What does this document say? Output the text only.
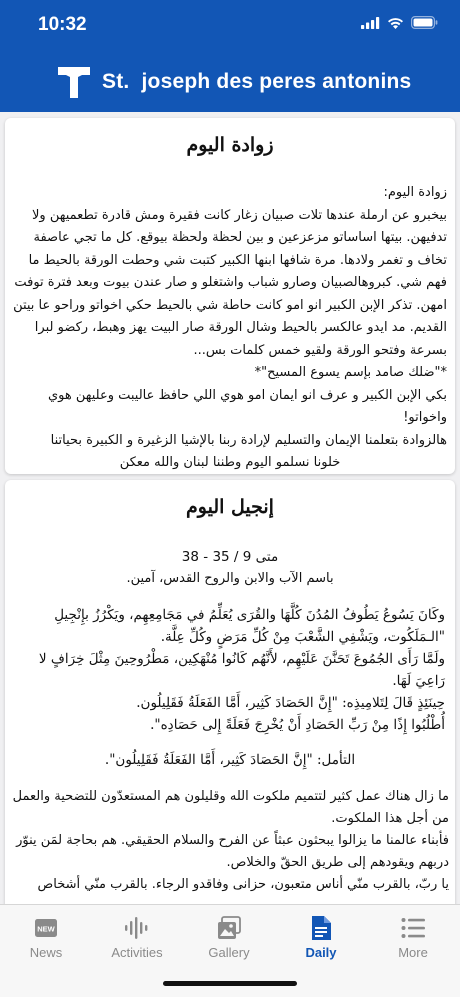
10:32
St.  joseph des peres antonins
زوادة اليوم
زوادة اليوم:
بيخبرو عن ارملة عندها تلات صبيان زغار كانت فقيرة ومش قادرة تطعميهن ولا تدفيهن. بيتها اساساتو مزعزعين و بين لحظة ولحظة بيوقع. كل ما تجي عاصفة تخاف و تغمر ولادها. مرة شافها ابنها الكبير كتبت شي وحطت الورقة بالحيط ما فهم شي. كبروهالصبيان وصارو شباب واشتغلو و صار عندن بيوت وبعد فترة توفت امهن. تذكر الإبن الكبير انو امو كانت حاطة شي بالحيط حكي اخواتو وراحو عا بيتن القديم. مد ايدو عالكسر بالحيط وشال الورقة صار البيت يهز وهبط، ركضو لبرا بسرعة وفتحو الورقة ولقيو خمس كلمات بس...
*"ضلك صامد بإسم يسوع المسيح"*
بكي الإبن الكبير و عرف انو ايمان امو هوي اللي حافظ عاليبت وعليهن هوي واخواتو!
هالزوادة بتعلمنا الإيمان والتسليم لإرادة ربنا بالإشيا الزغيرة و الكبيرة بحياتنا
خلونا نسلمو اليوم وطننا لبنان والله معكن
إنجيل اليوم
متى 9 / 35 - 38
باسم الآب والابن والروح القدس، آمين.
وكَانَ يَسُوعُ يَطُوفُ المُدُنَ كُلَّهَا والقُرَى يُعَلِّمُ في مَجَامِعِهِم، ويَكْرُزُ بإِنْجِيلِ "الـمَلَكُوت، ويَشْفِي الشَّعْبَ مِنْ كُلِّ مَرَضٍ وكُلِّ عِلَّة.
ولَمَّا رَأَى الجُمُوعَ تَحَنَّنَ عَلَيْهِم، لأَنَّهُم كَانُوا مُنْهَكِين، مَطْرُوحِينَ مِثْلَ خِرَافٍ لا رَاعِيَ لَهَا.
حِينَئِذٍ قَالَ لِتَلامِيذِه: "إِنَّ الحَصَادَ كَثِير، أَمَّا الفَعَلَةُ فَقَلِيلُون.
أُطْلُبُوا إِذًا مِنْ رَبِّ الحَصَادِ أَنْ يُخْرِجَ فَعَلَةً إِلى حَصَادِه".
التأمل: "إِنَّ الحَصَادَ كَثِير، أَمَّا الفَعَلَةُ فَقَلِيلُون".
ما زال هناك عمل كثير لتتميم ملكوت الله وقليلون هم المستعدّون للتضحية والعمل من أجل هذا الملكوت.
فأبناء عالمنا ما يزالوا يبحثون عبثاً عن الفرح والسلام الحقيقي. هم بحاجة لمَن ينوّر دربهم ويقودهم إلى طريق الحقّ والخلاص.
يا ربّ، بالقرب منّي أناس متعبون، حزانى وفاقدو الرجاء. بالقرب منّي أشخاص
NEW
News	Activities	Gallery	Daily	More
